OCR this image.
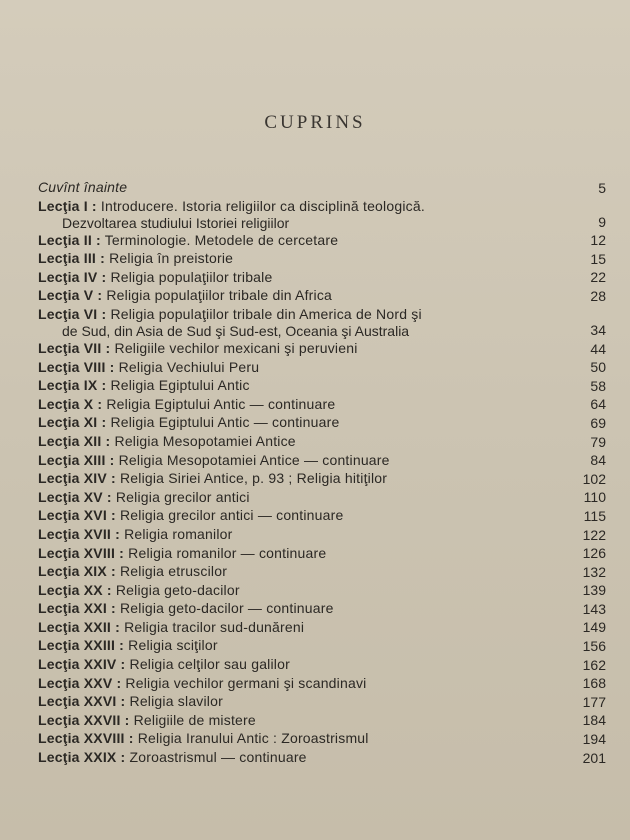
CUPRINS
Cuvînt înainte	5
Lecţia I : Introducere. Istoria religiilor ca disciplină teologică.
Dezvoltarea studiului Istoriei religiilor	9
Lecţia II : Terminologie. Metodele de cercetare	12
Lecţia III : Religia în preistorie	15
Lecţia IV : Religia populaţiilor tribale	22
Lecţia V : Religia populaţiilor tribale din Africa	28
Lecţia VI : Religia populaţiilor tribale din America de Nord şi
de Sud, din Asia de Sud şi Sud-est, Oceania şi Australia	34
Lecţia VII : Religiile vechilor mexicani şi peruvieni	44
Lecţia VIII : Religia Vechiului Peru	50
Lecţia IX : Religia Egiptului Antic	58
Lecţia X : Religia Egiptului Antic — continuare	64
Lecţia XI : Religia Egiptului Antic — continuare	69
Lecţia XII : Religia Mesopotamiei Antice	79
Lecţia XIII : Religia Mesopotamiei Antice — continuare	84
Lecţia XIV : Religia Siriei Antice, p. 93 ; Religia hitiţilor	102
Lecţia XV : Religia grecilor antici	110
Lecţia XVI : Religia grecilor antici — continuare	115
Lecţia XVII : Religia romanilor	122
Lecţia XVIII : Religia romanilor — continuare	126
Lecţia XIX : Religia etruscilor	132
Lecţia XX : Religia geto-dacilor	139
Lecţia XXI : Religia geto-dacilor — continuare	143
Lecţia XXII : Religia tracilor sud-dunăreni	149
Lecţia XXIII : Religia sciţilor	156
Lecţia XXIV : Religia celţilor sau galilor	162
Lecţia XXV : Religia vechilor germani şi scandinavi	168
Lecţia XXVI : Religia slavilor	177
Lecţia XXVII : Religiile de mistere	184
Lecţia XXVIII : Religia Iranului Antic : Zoroastrismul	194
Lecţia XXIX : Zoroastrismul — continuare	201
